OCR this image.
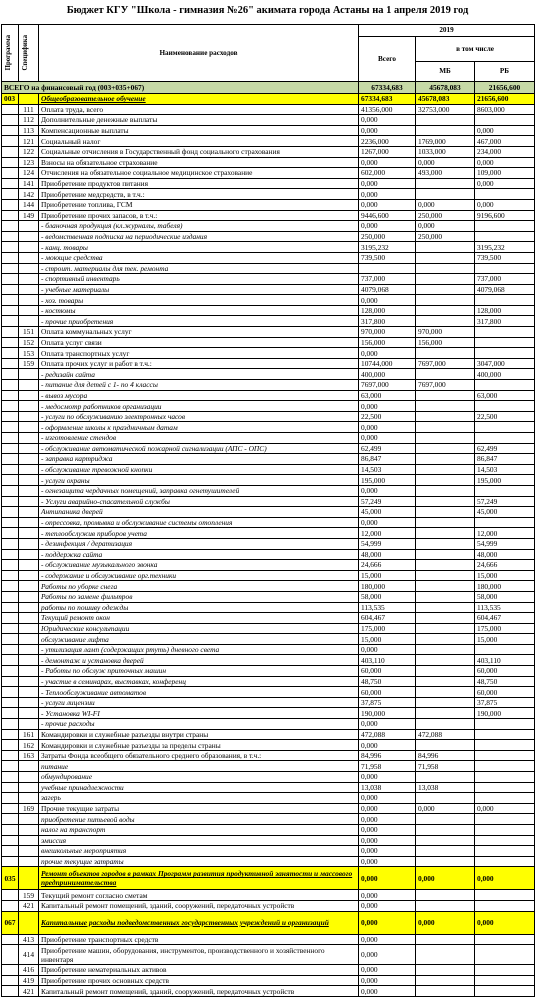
Бюджет КГУ "Школа - гимназия №26" акимата города Астаны на 1 апреля 2019 год
Программа	Специфика	Наименование расходов	2019		
			Всего	в том числе	
				МБ	РБ
ВСЕГО на финансовый год (003+035+067)			67334,683	45678,083	21656,600
003		Общеобразовательное обучение	67334,683	45678,083	21656,600
	111	Оплата труда, всего	41356,000	32753,000	8603,000
	112	Дополнительные денежные выплаты	0,000		
	113	Компенсационные выплаты	0,000		0,000
	121	Социальный налог	2236,000	1769,000	467,000
	122	Социальные отчисления в Государственный фонд социального страхования	1267,000	1033,000	234,000
	123	Взносы на обязательное страхование	0,000	0,000	0,000
	124	Отчисления на обязательное социальное медицинское страхование	602,000	493,000	109,000
	141	Приобретение продуктов питания	0,000		0,000
	142	Приобретение медсредств, в т.ч.:	0,000		
	144	Приобретение топлива, ГСМ	0,000	0,000	0,000
	149	Приобретение прочих запасов, в т.ч.:	9446,600	250,000	9196,600
		- бланочная продукция (кл.журналы, табеля)	0,000	0,000	
		- ведомственная подписка на периодические издания	250,000	250,000	
		- канц. товары	3195,232		3195,232
		- моющие средства	739,500		739,500
		- строит. материалы для тек. ремонта			
		- спортивный инвентарь	737,000		737,000
		- учебные материалы	4079,068		4079,068
		- хоз. товары	0,000		
		- костюмы	128,000		128,000
		- прочие приобретения	317,800		317,800
	151	Оплата коммунальных услуг	970,000	970,000	
	152	Оплата услуг связи	156,000	156,000	
	153	Оплата транспортных услуг	0,000		
	159	Оплата прочих услуг и работ в т.ч.:	10744,000	7697,000	3047,000
		- редизайн сайта	400,000		400,000
		- питание для детей с 1- по 4 классы	7697,000	7697,000	
		- вывоз мусора	63,000		63,000
		- медосмотр работников организации	0,000		
		- услуги по обслуживанию электронных часов	22,500		22,500
		- оформление школы к праздничным датам	0,000		
		- изготовление стендов	0,000		
		- обслуживание автоматической пожарной сигнализации (АПС - ОПС)	62,499		62,499
		- заправка картриджа	86,847		86,847
		- обслуживание тревожной кнопки	14,503		14,503
		- услуги охраны	195,000		195,000
		- огнезащита чердачных помещений, заправка огнетушителей	0,000		
		- Услуги аварийно-спасательной службы	57,249		57,249
		Антипаника дверей	45,000		45,000
		- опрессовка, промывка и обслуживание системы отопления	0,000		
		- теплообслужив приборов учета	12,000		12,000
		- дезинфекция / дератизация	54,999		54,999
		- поддержка сайта	48,000		48,000
		- обслуживание музыкального звонка	24,666		24,666
		- содержание и обслуживание орг.техники	15,000		15,000
		Работы по уборке снега	180,000		180,000
		Работы по замене фильтров	58,000		58,000
		работы по пошиву одежды	113,535		113,535
		Текущий ремонт окон	604,467		604,467
		Юридические консультации	175,000		175,000
		обслуживание лифта	15,000		15,000
		- утилизация ламп (содержащих ртуть) дневного света	0,000		
		- демонтаж и установка дверей	403,110		403,110
		- Работы по обслуж приточных машин	60,000		60,000
		- участие в семинарах, выставках, конференц	48,750		48,750
		- Теплообслуживание автоматов	60,000		60,000
		- услуги лицензии	37,875		37,875
		- Установка WI-FI	190,000		190,000
		- прочие расходы	0,000		
	161	Командировки и служебные разъезды внутри страны	472,088	472,088	
	162	Командировки и служебные разъезды за пределы страны	0,000		
	163	Затраты Фонда всеобщего обязательного среднего образования, в т.ч.:	84,996	84,996	
		питание	71,958	71,958	
		обмундирование	0,000		
		учебные принадлежности	13,038	13,038	
		загерь	0,000		
	169	Прочие текущие затраты	0,000	0,000	0,000
		приобретение питьевой воды	0,000		
		налог на транспорт	0,000		
		эмиссия	0,000		
		внешкольные мероприятия	0,000		
		прочие текущие затраты	0,000		
035		Ремонт объектов городов в рамках Программ развития продуктивной занятости и массового предпринимательства	0,000	0,000	0,000
	159	Текущий ремонт согласно сметам	0,000		
	421	Капитальный ремонт помещений, зданий, сооружений, передаточных устройств	0,000		
067		Капитальные расходы подведомственных государственных учреждений и организаций	0,000	0,000	0,000
	413	Приобретение транспортных средств	0,000		
	414	Приобретение машин, оборудования, инструментов, производственного и хозяйственного инвентаря	0,000		
	416	Приобретение нематериальных активов	0,000		
	419	Приобретение прочих основных средств	0,000		
	421	Капитальный ремонт помещений, зданий, сооружений, передаточных устройств	0,000		
